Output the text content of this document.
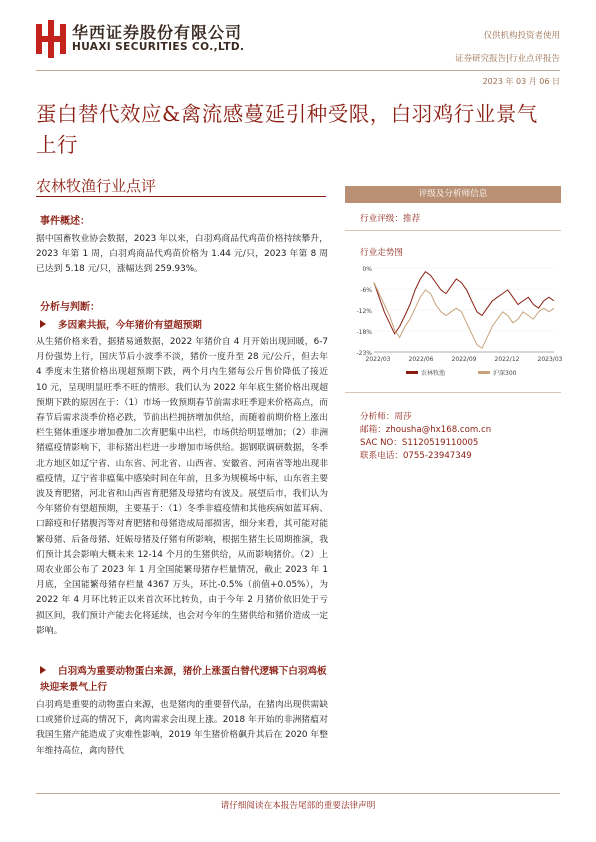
华西证券股份有限公司
HUAXI SECURITIES CO.,LTD.
仅供机构投资者使用
证券研究报告|行业点评报告
2023 年 03 月 06 日
蛋白替代效应&禽流感蔓延引种受限，白羽鸡行业景气上行
农林牧渔行业点评
事件概述：
据中国畜牧业协会数据，2023 年以来，白羽鸡商品代鸡苗价格持续攀升，2023 年第 1 周，白羽鸡商品代鸡苗价格为 1.44 元/只，2023 年第 8 周已达到 5.18 元/只，涨幅达到 259.93%。
分析与判断：
多因素共振，今年猪价有望超预期
从生猪价格来看，据猪易通数据，2022 年猪价自 4 月开始出现回暖，6-7 月份强势上行，国庆节后小波季不淡，猪价一度升至 28 元/公斤，但去年 4 季度末生猪价格出现超预期下跌，两个月内生猪每公斤售价降低了接近 10 元，呈现明显旺季不旺的情形。我们认为 2022 年年底生猪价格出现超预期下跌的原因在于：（1）市场一致预期春节前需求旺季迎来价格高点，而春节后需求淡季价格必跌，节前出栏拥挤增加供给，而随着前期价格上涨出栏生猪体重逐步增加叠加二次育肥集中出栏，市场供给明显增加；（2）非洲猪瘟疫情影响下，非标猪出栏进一步增加市场供给。据钢联调研数据，冬季北方地区如辽宁省、山东省、河北省、山西省、安徽省、河南省等地出现非瘟疫情，辽宁省非瘟集中感染时间在年前，且多为规模场中标，山东省主要波及育肥猪，河北省和山西省育肥猪及母猪均有波及。展望后市，我们认为今年猪价有望超预期，主要基于：（1）冬季非瘟疫情和其他疾病如蓝耳病、口蹄疫和仔猪腹泻等对育肥猪和母猪造成局部损害，细分来看，其可能对能繁母猪、后备母猪、妊娠母猪及仔猪有所影响，根据生猪生长周期推演，我们预计其会影响大概未来 12-14 个月的生猪供给，从而影响猪价。（2）上周农业部公布了 2023 年 1 月全国能繁母猪存栏量情况，截止 2023 年 1 月底，全国能繁母猪存栏量 4367 万头，环比-0.5%（前值+0.05%），为 2022 年 4 月环比转正以来首次环比转负，由于今年 2 月猪价依旧处于亏损区间，我们预计产能去化将延续，也会对今年的生猪供给和猪价造成一定影响。
白羽鸡为重要动物蛋白来源，猪价上涨蛋白替代逻辑下白羽鸡板块迎来景气上行
白羽鸡是重要的动物蛋白来源，也是猪肉的重要替代品，在猪肉出现供需缺口或猪价过高的情况下，禽肉需求会出现上涨。2018 年开始的非洲猪瘟对我国生猪产能造成了灾难性影响，2019 年生猪价格飙升其后在 2020 年整年维持高位，禽肉替代
评级及分析师信息
行业评级：推荐
行业走势图
0%
-6%
-12%
-18%
-23%
2022/03	2022/06	2022/09	2022/12	2023/03
农林牧渔	沪深300
分析师：周莎
邮箱：zhousha@hx168.com.cn
SAC NO：S1120519110005
联系电话：0755-23947349
请仔细阅读在本报告尾部的重要法律声明
